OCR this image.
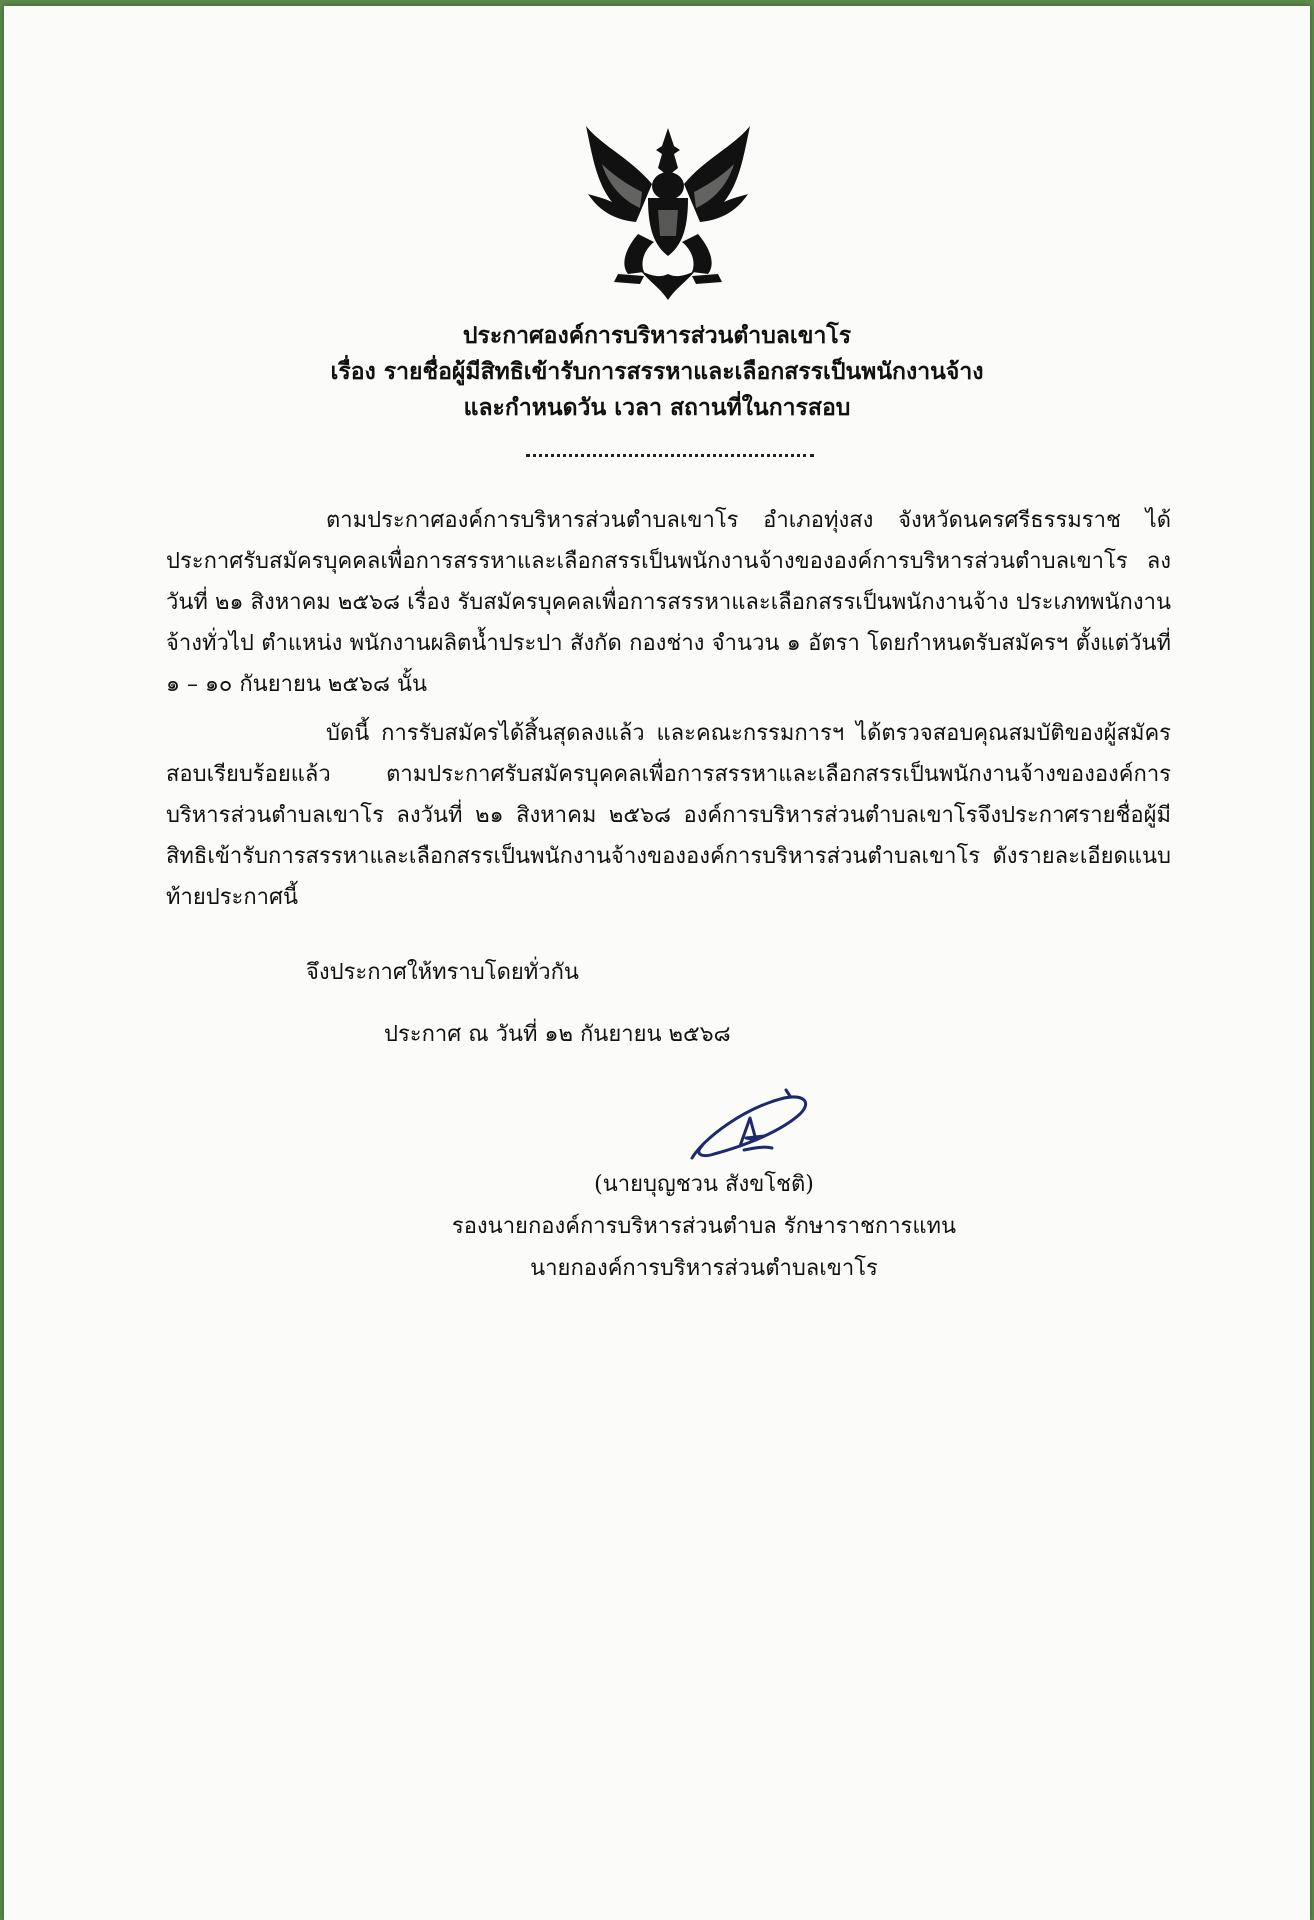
ประกาศองค์การบริหารส่วนตำบลเขาโร

เรื่อง รายชื่อผู้มีสิทธิเข้ารับการสรรหาและเลือกสรรเป็นพนักงานจ้าง

และกำหนดวัน เวลา สถานที่ในการสอบ

ตามประกาศองค์การบริหารส่วนตำบลเขาโร อำเภอทุ่งสง จังหวัดนครศรีธรรมราช ได้ประกาศรับสมัครบุคคลเพื่อการสรรหาและเลือกสรรเป็นพนักงานจ้างขององค์การบริหารส่วนตำบลเขาโร ลงวันที่ ๒๑ สิงหาคม ๒๕๖๘ เรื่อง รับสมัครบุคคลเพื่อการสรรหาและเลือกสรรเป็นพนักงานจ้าง ประเภทพนักงานจ้างทั่วไป ตำแหน่ง พนักงานผลิตน้ำประปา สังกัด กองช่าง จำนวน ๑ อัตรา โดยกำหนดรับสมัครฯ ตั้งแต่วันที่ ๑ – ๑๐ กันยายน ๒๕๖๘ นั้น

บัดนี้ การรับสมัครได้สิ้นสุดลงแล้ว และคณะกรรมการฯ ได้ตรวจสอบคุณสมบัติของผู้สมัครสอบเรียบร้อยแล้ว ตามประกาศรับสมัครบุคคลเพื่อการสรรหาและเลือกสรรเป็นพนักงานจ้างขององค์การบริหารส่วนตำบลเขาโร ลงวันที่ ๒๑ สิงหาคม ๒๕๖๘ องค์การบริหารส่วนตำบลเขาโรจึงประกาศรายชื่อผู้มีสิทธิเข้ารับการสรรหาและเลือกสรรเป็นพนักงานจ้างขององค์การบริหารส่วนตำบลเขาโร ดังรายละเอียดแนบท้ายประกาศนี้

จึงประกาศให้ทราบโดยทั่วกัน

ประกาศ ณ วันที่ ๑๒ กันยายน ๒๕๖๘

(นายบุญชวน สังขโชติ)

รองนายกองค์การบริหารส่วนตำบล รักษาราชการแทน

นายกองค์การบริหารส่วนตำบลเขาโร
